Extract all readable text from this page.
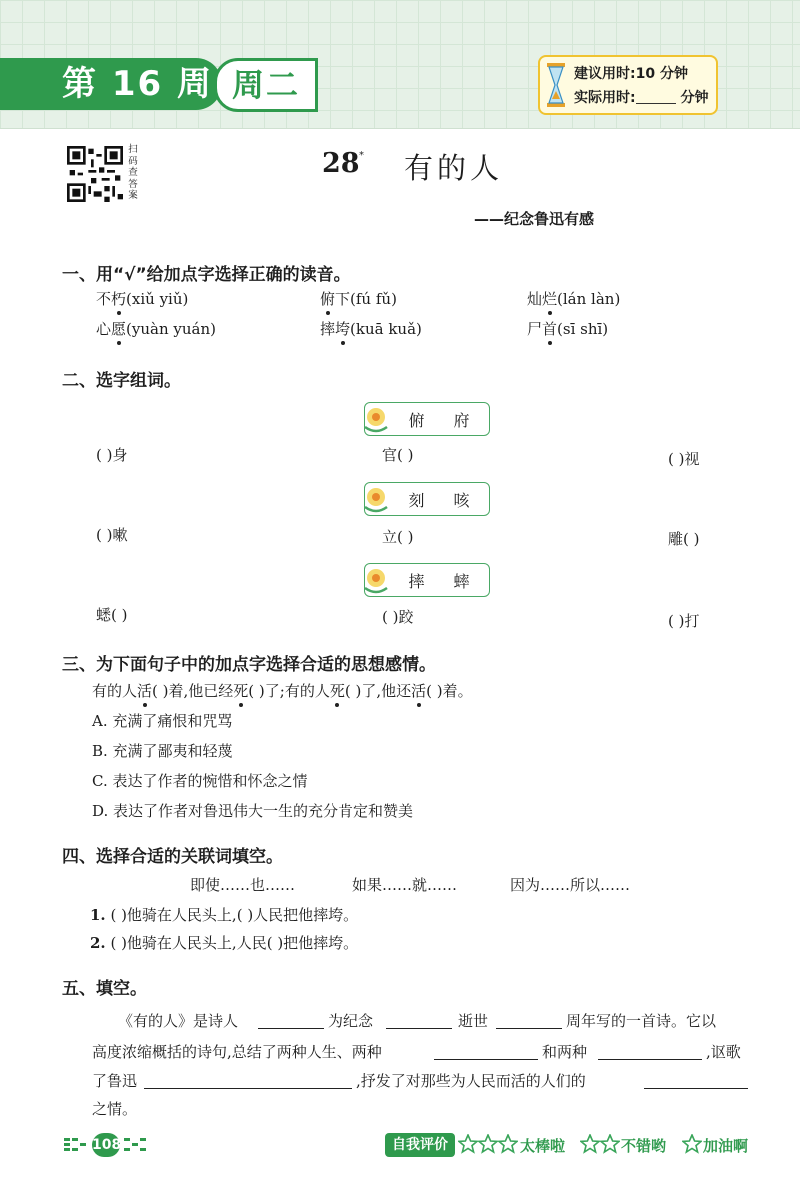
第 16 周 周二	建议用时:10 分钟
实际用时:	分钟
扫码查答案
28 * 有的人
——纪念鲁迅有感
一、用“√”给加点字选择正确的读音。
不朽(xiǔ yiǔ)	俯下(fú fǔ)	灿烂(lán làn)
心愿(yuàn yuán)	摔垮(kuā kuǎ)	尸首(sī shī)
二、选字组词。
俯 府
( )身	官( )	( )视
刻 咳
( )嗽	立( )	雕( )
摔 蟀
蟋( )	( )跤	( )打
三、为下面句子中的加点字选择合适的思想感情。
有的人活( )着,他已经死( )了;有的人死( )了,他还活( )着。
A. 充满了痛恨和咒骂
B. 充满了鄙夷和轻蔑
C. 表达了作者的惋惜和怀念之情
D. 表达了作者对鲁迅伟大一生的充分肯定和赞美
四、选择合适的关联词填空。
即使……也……	如果……就……	因为……所以……
1. ( )他骑在人民头上,( )人民把他摔垮。
2. ( )他骑在人民头上,人民( )把他摔垮。
五、填空。
《有的人》是诗人	为纪念	逝世	周年写的一首诗。它以
高度浓缩概括的诗句,总结了两种人生、两种	和两种	,讴歌
了鲁迅	,抒发了对那些为人民而活的人们的
之情。
108	自我评价	太棒啦	不错哟 加油啊
